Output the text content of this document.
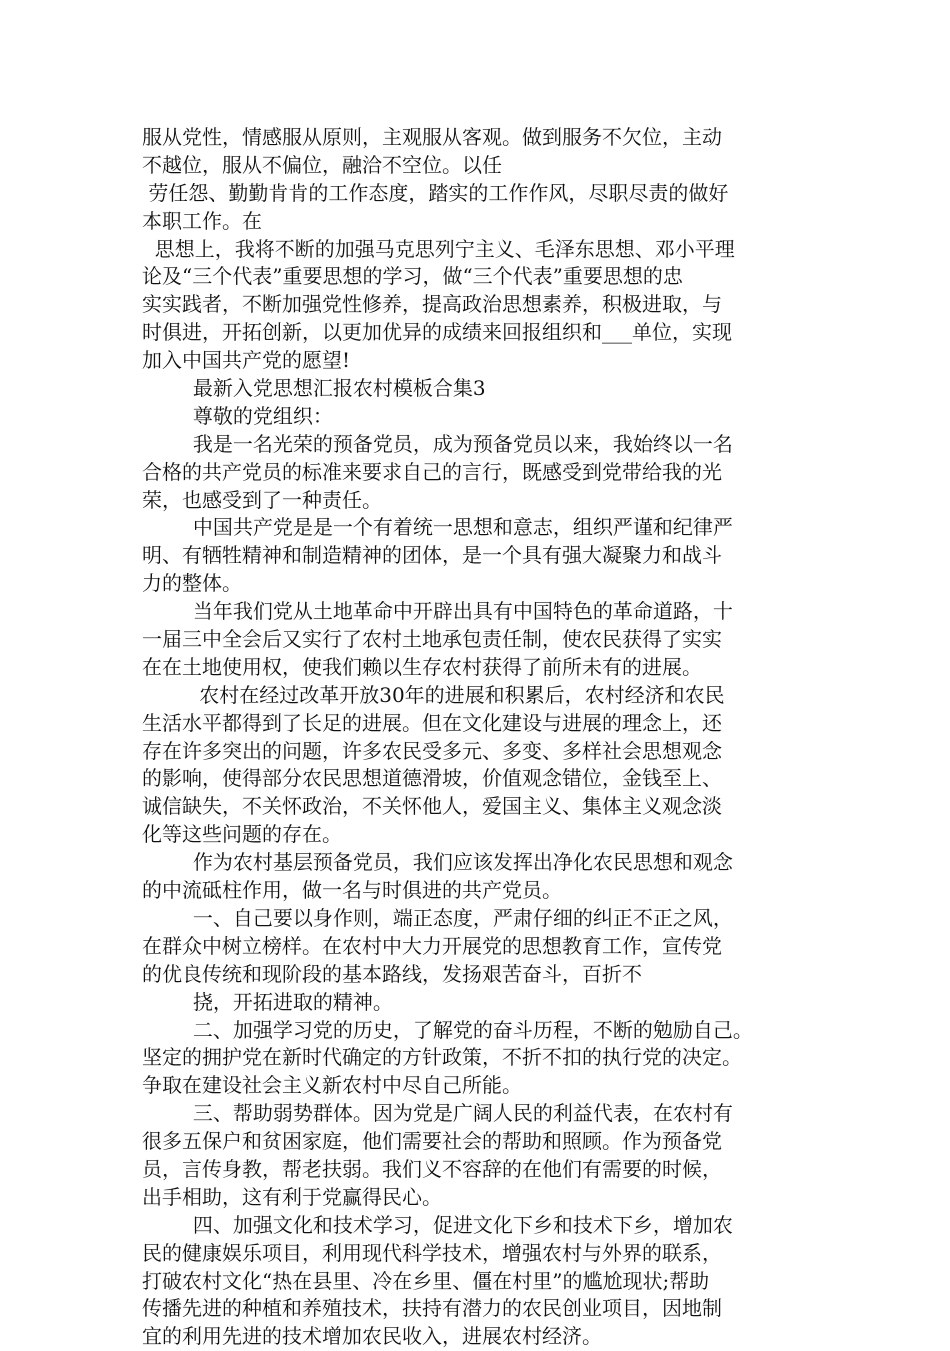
服从党性，情感服从原则，主观服从客观。做到服务不欠位，主动
不越位，服从不偏位，融洽不空位。以任
劳任怨、勤勤肯肯的工作态度，踏实的工作作风，尽职尽责的做好
本职工作。在
思想上，我将不断的加强马克思列宁主义、毛泽东思想、邓小平理
论及“三个代表”重要思想的学习，做“三个代表”重要思想的忠
实实践者，不断加强党性修养，提高政治思想素养，积极进取，与
时俱进，开拓创新，以更加优异的成绩来回报组织和___单位，实现
加入中国共产党的愿望!
最新入党思想汇报农村模板合集3
尊敬的党组织：
我是一名光荣的预备党员，成为预备党员以来，我始终以一名
合格的共产党员的标准来要求自己的言行，既感受到党带给我的光
荣，也感受到了一种责任。
中国共产党是是一个有着统一思想和意志，组织严谨和纪律严
明、有牺牲精神和制造精神的团体，是一个具有强大凝聚力和战斗
力的整体。
当年我们党从土地革命中开辟出具有中国特色的革命道路，十
一届三中全会后又实行了农村土地承包责任制，使农民获得了实实
在在土地使用权，使我们赖以生存农村获得了前所未有的进展。
农村在经过改革开放30年的进展和积累后，农村经济和农民
生活水平都得到了长足的进展。但在文化建设与进展的理念上，还
存在许多突出的问题，许多农民受多元、多变、多样社会思想观念
的影响，使得部分农民思想道德滑坡，价值观念错位，金钱至上、
诚信缺失，不关怀政治，不关怀他人，爱国主义、集体主义观念淡
化等这些问题的存在。
作为农村基层预备党员，我们应该发挥出净化农民思想和观念
的中流砥柱作用，做一名与时俱进的共产党员。
一、自己要以身作则，端正态度，严肃仔细的纠正不正之风，
在群众中树立榜样。在农村中大力开展党的思想教育工作，宣传党
的优良传统和现阶段的基本路线，发扬艰苦奋斗，百折不
挠，开拓进取的精神。
二、加强学习党的历史，了解党的奋斗历程，不断的勉励自己。
坚定的拥护党在新时代确定的方针政策，不折不扣的执行党的决定。
争取在建设社会主义新农村中尽自己所能。
三、帮助弱势群体。因为党是广阔人民的利益代表，在农村有
很多五保户和贫困家庭，他们需要社会的帮助和照顾。作为预备党
员，言传身教，帮老扶弱。我们义不容辞的在他们有需要的时候，
出手相助，这有利于党赢得民心。
四、加强文化和技术学习，促进文化下乡和技术下乡，增加农
民的健康娱乐项目，利用现代科学技术，增强农村与外界的联系，
打破农村文化“热在县里、冷在乡里、僵在村里”的尴尬现状;帮助
传播先进的种植和养殖技术，扶持有潜力的农民创业项目，因地制
宜的利用先进的技术增加农民收入，进展农村经济。
